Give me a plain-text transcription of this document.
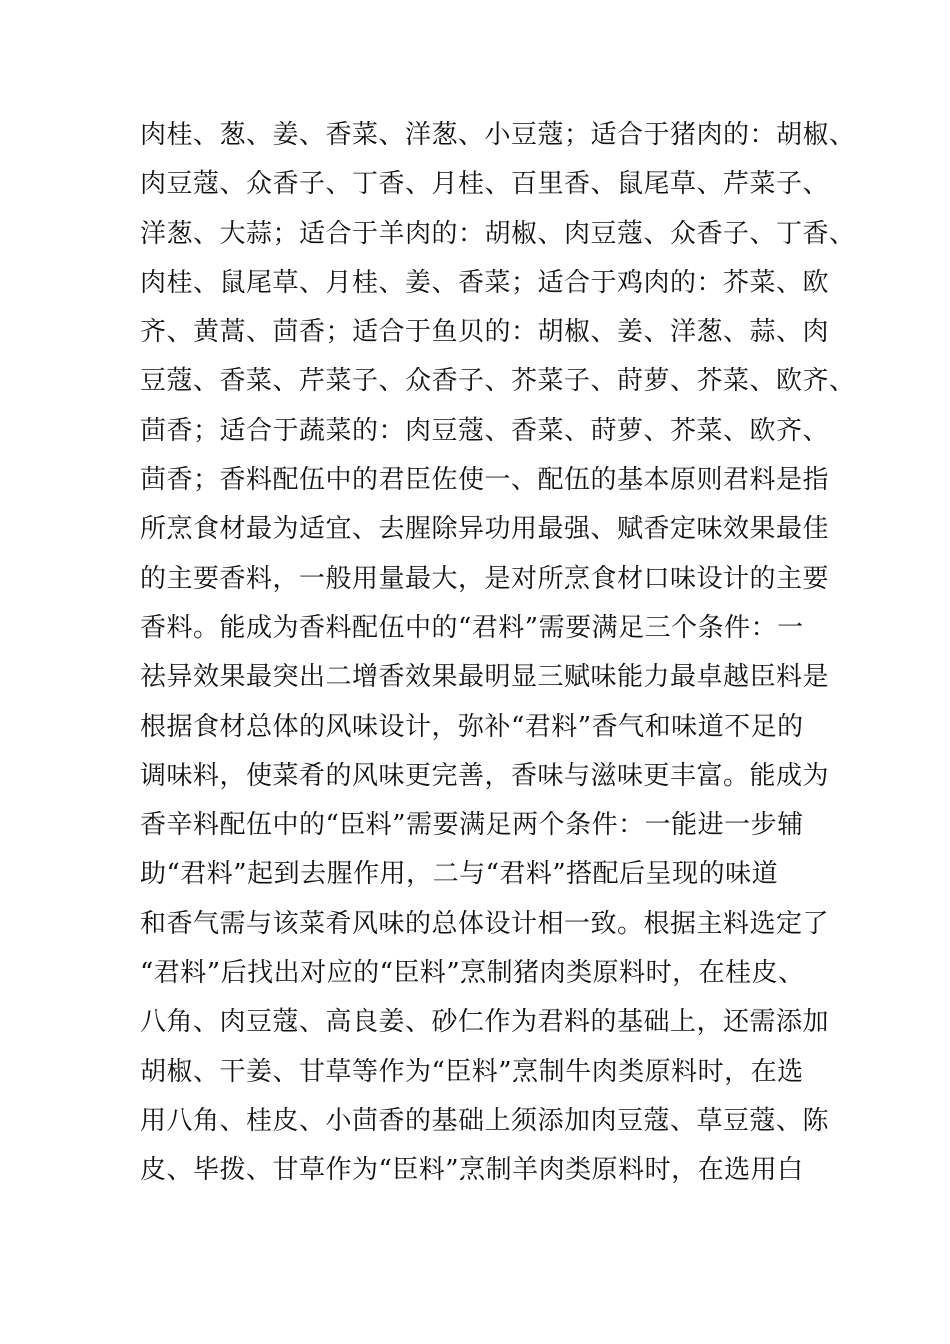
肉桂、葱、姜、香菜、洋葱、小豆蔻；适合于猪肉的：胡椒、
肉豆蔻、众香子、丁香、月桂、百里香、鼠尾草、芹菜子、
洋葱、大蒜；适合于羊肉的：胡椒、肉豆蔻、众香子、丁香、
肉桂、鼠尾草、月桂、姜、香菜；适合于鸡肉的：芥菜、欧
齐、黄蒿、茴香；适合于鱼贝的：胡椒、姜、洋葱、蒜、肉
豆蔻、香菜、芹菜子、众香子、芥菜子、莳萝、芥菜、欧齐、
茴香；适合于蔬菜的：肉豆蔻、香菜、莳萝、芥菜、欧齐、
茴香；香料配伍中的君臣佐使一、配伍的基本原则君料是指
所烹食材最为适宜、去腥除异功用最强、赋香定味效果最佳
的主要香料，一般用量最大，是对所烹食材口味设计的主要
香料。能成为香料配伍中的“君料”需要满足三个条件：一
祛异效果最突出二增香效果最明显三赋味能力最卓越臣料是
根据食材总体的风味设计，弥补“君料”香气和味道不足的
调味料，使菜肴的风味更完善，香味与滋味更丰富。能成为
香辛料配伍中的“臣料”需要满足两个条件：一能进一步辅
助“君料”起到去腥作用，二与“君料”搭配后呈现的味道
和香气需与该菜肴风味的总体设计相一致。根据主料选定了
“君料”后找出对应的“臣料”烹制猪肉类原料时，在桂皮、
八角、肉豆蔻、高良姜、砂仁作为君料的基础上，还需添加
胡椒、干姜、甘草等作为“臣料”烹制牛肉类原料时，在选
用八角、桂皮、小茴香的基础上须添加肉豆蔻、草豆蔻、陈
皮、毕拨、甘草作为“臣料”烹制羊肉类原料时，在选用白
